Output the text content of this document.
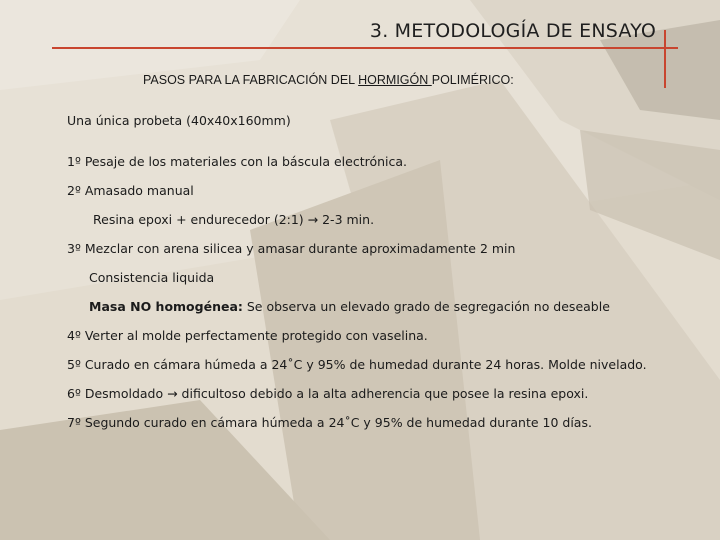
3. METODOLOGÍA DE ENSAYO
PASOS PARA LA FABRICACIÓN DEL HORMIGÓN POLIMÉRICO:
Una única probeta (40x40x160mm)
1º Pesaje de los materiales con la báscula electrónica.
2º Amasado manual
Resina epoxi + endurecedor (2:1) → 2-3 min.
3º Mezclar con arena silicea y amasar durante aproximadamente 2 min
Consistencia liquida
Masa NO homogénea: Se observa un elevado grado de segregación no deseable
4º Verter al molde perfectamente protegido con vaselina.
5º Curado en cámara húmeda a 24˚C y 95% de humedad durante 24 horas. Molde nivelado.
6º Desmoldado → dificultoso debido a la alta adherencia que posee la resina epoxi.
7º Segundo curado en cámara húmeda a 24˚C y 95% de humedad durante 10 días.
